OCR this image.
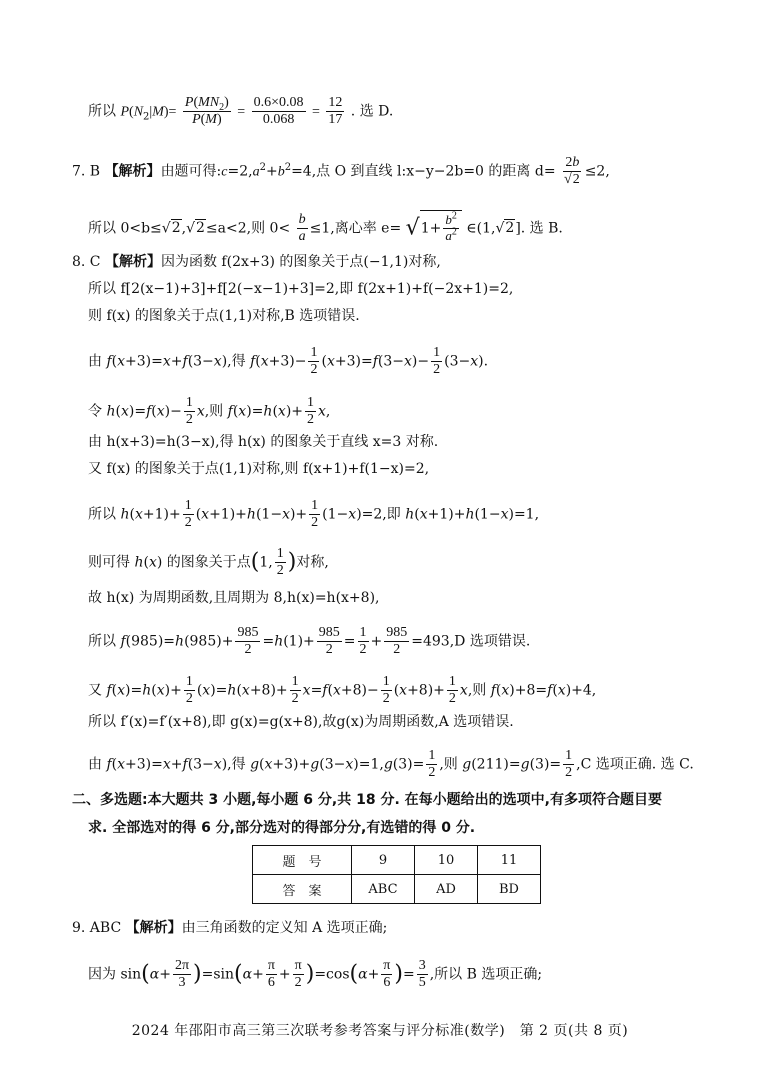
所以 $P(N_2|M)= \frac{P(MN_2)}{P(M)} = \frac{0.6\times 0.08}{0.068} = \frac{12}{17}$ . 选 D.
7. B 【解析】由题可得$:c=2,a^2+b^2=4$,点 O 到直线 l:x−y−2b=0 的距离 $d= \frac{2b}{√2} \le 2$,
所以 0<b≤√2,√2≤a<2,则 $0< \frac{b}{a} \le 1$,离心率 $e= √1+ \frac{b^2}{a^2}$ ∈(1,√2]. 选 B.
8. C 【解析】因为函数 f(2x+3) 的图象关于点(−1,1)对称,
所以 f[2(x−1)+3]+f[2(−x−1)+3]=2,即 f(2x+1)+f(−2x+1)=2,
则 f(x) 的图象关于点(1,1)对称,B 选项错误.
由 f(x+3)=x+f(3−x),得 $f(x+3)- \frac{1}{2} (x+3)=f(3-x)- \frac{1}{2} (3-x)$.
令 $h(x)=f(x)- \frac{1}{2} x$,则 $f(x)=h(x)+ \frac{1}{2} x$,
由 h(x+3)=h(3−x),得 h(x) 的图象关于直线 x=3 对称.
又 f(x) 的图象关于点(1,1)对称,则 f(x+1)+f(1−x)=2,
所以 $h(x+1)+ \frac{1}{2} (x+1)+h(1-x)+ \frac{1}{2} (1-x)=2$,即 h(x+1)+h(1−x)=1,
则可得 h(x) 的图象关于点(1, $\frac{1}{2}$ )对称,
故 h(x) 为周期函数,且周期为 8,h(x)=h(x+8),
所以 $f(985)=h(985)+ \frac{985}{2} =h(1)+ \frac{985}{2} = \frac{1}{2} + \frac{985}{2} =493,D$ 选项错误.
又 $f(x)=h(x)+ \frac{1}{2} (x)=h(x+8)+ \frac{1}{2} x=f(x+8)- \frac{1}{2} (x+8)+ \frac{1}{2} x$,则 f(x)+8=f(x)+4,
所以 f′(x)=f′(x+8),即 g(x)=g(x+8),故g(x)为周期函数,A 选项错误.
由 f(x+3)=x+f(3−x),得 $g(x+3)+g(3-x)=1,g(3)= \frac{1}{2}$ ,则 $g(211)=g(3)= \frac{1}{2} ,C$ 选项正确. 选 C.
二、多选题:本大题共 3 小题,每小题 6 分,共 18 分. 在每小题给出的选项中,有多项符合题目要
求. 全部选对的得 6 分,部分选对的得部分分,有选错的得 0 分.
题　号	9	10	11
答　案	ABC	AD	BD
9. ABC 【解析】由三角函数的定义知 A 选项正确;
因为 $\sin(\alpha+ \frac{2\pi}{3} )=\sin(\alpha+ \frac{\pi}{6} + \frac{\pi}{2} )=\cos(\alpha+ \frac{\pi}{6}$ )= $\frac{3}{5}$ ,所以 B 选项正确;
2024 年邵阳市高三第三次联考参考答案与评分标准(数学)　第 2 页(共 8 页)
